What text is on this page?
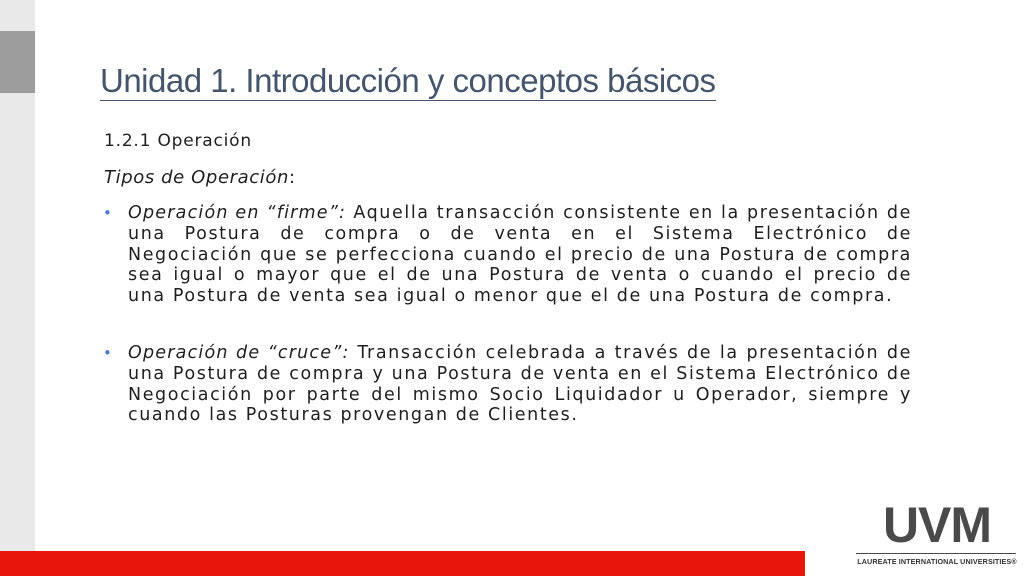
Unidad 1. Introducción y conceptos básicos
1.2.1 Operación
Tipos de Operación:
• Operación en “firme”: Aquella transacción consistente en la presentación de una Postura de compra o de venta en el Sistema Electrónico de Negociación que se perfecciona cuando el precio de una Postura de compra sea igual o mayor que el de una Postura de venta o cuando el precio de una Postura de venta sea igual o menor que el de una Postura de compra.
• Operación de “cruce”: Transacción celebrada a través de la presentación de una Postura de compra y una Postura de venta en el Sistema Electrónico de Negociación por parte del mismo Socio Liquidador u Operador, siempre y cuando las Posturas provengan de Clientes.
UVM
LAUREATE INTERNATIONAL UNIVERSITIES®
